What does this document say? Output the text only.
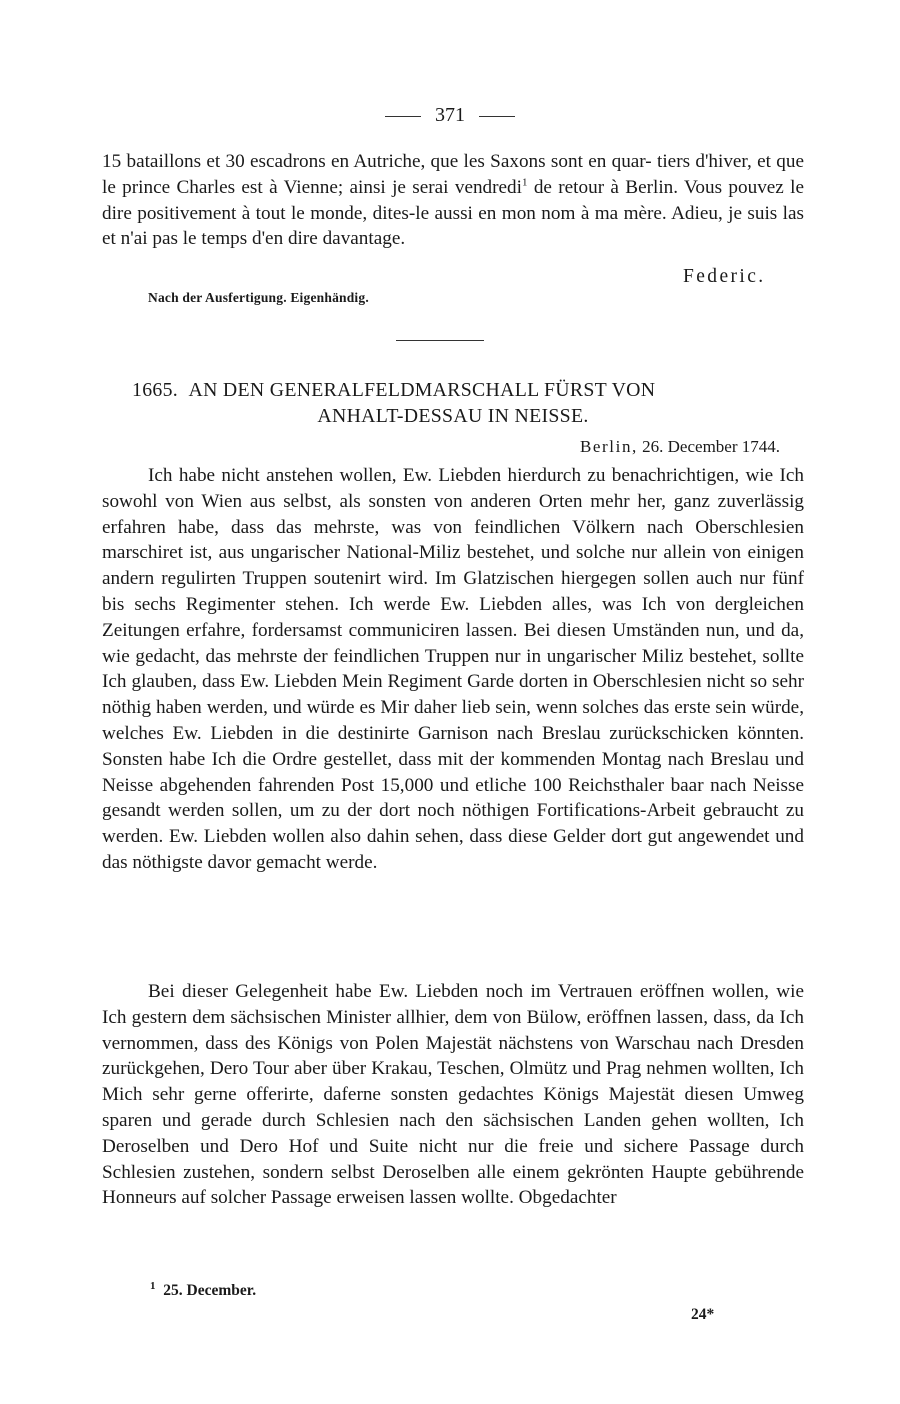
371
15 bataillons et 30 escadrons en Autriche, que les Saxons sont en quar- tiers d'hiver, et que le prince Charles est à Vienne; ainsi je serai vendredi$^1$ de retour à Berlin. Vous pouvez le dire positivement à tout le monde, dites-le aussi en mon nom à ma mère. Adieu, je suis las et n'ai pas le temps d'en dire davantage.
Federic.
Nach der Ausfertigung. Eigenhändig.
1665. AN DEN GENERALFELDMARSCHALL FÜRST VON
ANHALT-DESSAU IN NEISSE.
Berlin, 26. December 1744.
Ich habe nicht anstehen wollen, Ew. Liebden hierdurch zu benachrichtigen, wie Ich sowohl von Wien aus selbst, als sonsten von anderen Orten mehr her, ganz zuverlässig erfahren habe, dass das mehrste, was von feindlichen Völkern nach Oberschlesien marschiret ist, aus ungarischer National-Miliz bestehet, und solche nur allein von einigen andern regulirten Truppen soutenirt wird. Im Glatzischen hiergegen sollen auch nur fünf bis sechs Regimenter stehen. Ich werde Ew. Liebden alles, was Ich von dergleichen Zeitungen erfahre, fordersamst communiciren lassen. Bei diesen Umständen nun, und da, wie gedacht, das mehrste der feindlichen Truppen nur in ungarischer Miliz bestehet, sollte Ich glauben, dass Ew. Liebden Mein Regiment Garde dorten in Oberschlesien nicht so sehr nöthig haben werden, und würde es Mir daher lieb sein, wenn solches das erste sein würde, welches Ew. Liebden in die destinirte Garnison nach Breslau zurückschicken könnten. Sonsten habe Ich die Ordre gestellet, dass mit der kommenden Montag nach Breslau und Neisse abgehenden fahrenden Post 15,000 und etliche 100 Reichsthaler baar nach Neisse gesandt werden sollen, um zu der dort noch nöthigen Fortifications-Arbeit gebraucht zu werden. Ew. Liebden wollen also dahin sehen, dass diese Gelder dort gut angewendet und das nöthigste davor gemacht werde.
Bei dieser Gelegenheit habe Ew. Liebden noch im Vertrauen eröffnen wollen, wie Ich gestern dem sächsischen Minister allhier, dem von Bülow, eröffnen lassen, dass, da Ich vernommen, dass des Königs von Polen Majestät nächstens von Warschau nach Dresden zurückgehen, Dero Tour aber über Krakau, Teschen, Olmütz und Prag nehmen wollten, Ich Mich sehr gerne offerirte, daferne sonsten gedachtes Königs Majestät diesen Umweg sparen und gerade durch Schlesien nach den sächsischen Landen gehen wollten, Ich Deroselben und Dero Hof und Suite nicht nur die freie und sichere Passage durch Schlesien zustehen, sondern selbst Deroselben alle einem gekrönten Haupte gebührende Honneurs auf solcher Passage erweisen lassen wollte. Obgedachter
$^1$ 25. December.
24*
